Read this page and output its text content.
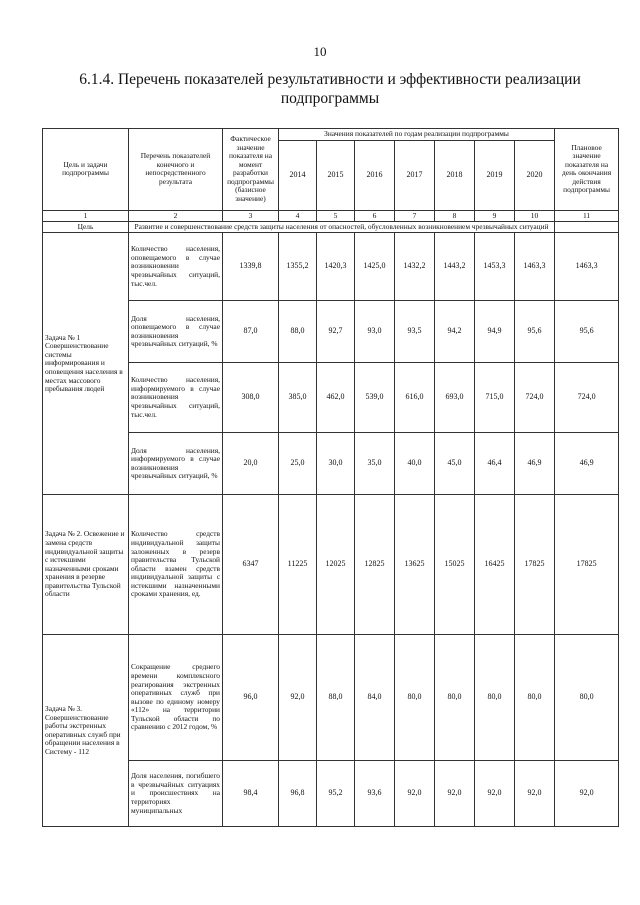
10
6.1.4. Перечень показателей результативности и эффективности реализации
подпрограммы
Цель и задачи подпрограммы	Перечень показателей конечного и непосредственного результата	Фактическое значение показателя на момент разработки подпрограммы (базисное значение)	Значения показателей по годам реализации подпрограммы							Плановое значение показателя на день окончания действия подпрограммы
			2014	2015	2016	2017	2018	2019	2020	
1	2	3	4	5	6	7	8	9	10	11
Цель	Развитие и совершенствование средств защиты населения от опасностей, обусловленных возникновением чрезвычайных ситуаций									
Задача № 1 Совершенствование системы информирования и оповещения населения в местах массового пребывания людей	Количество населения, оповещаемого в случае возникновении чрезвычайных ситуаций, тыс.чел.	1339,8	1355,2	1420,3	1425,0	1432,2	1443,2	1453,3	1463,3	1463,3
	Доля населения, оповещаемого в случае возникновения чрезвычайных ситуаций, %	87,0	88,0	92,7	93,0	93,5	94,2	94,9	95,6	95,6
	Количество населения, информируемого в случае возникновения чрезвычайных ситуаций, тыс.чел.	308,0	385,0	462,0	539,0	616,0	693,0	715,0	724,0	724,0
	Доля населения, информируемого в случае возникновения чрезвычайных ситуаций, %	20,0	25,0	30,0	35,0	40,0	45,0	46,4	46,9	46,9
Задача № 2. Освежение и замена средств индивидуальной защиты с истекшими назначенными сроками хранения в резерве правительства Тульской области	Количество средств индивидуальной защиты заложенных в резерв правительства Тульской области взамен средств индивидуальной защиты с истекшими назначенными сроками хранения, ед.	6347	11225	12025	12825	13625	15025	16425	17825	17825
Задача № 3. Совершенствование работы экстренных оперативных служб при обращении населения в Систему - 112	Сокращение среднего времени комплексного реагирования экстренных оперативных служб при вызове по единому номеру «112» на территории Тульской области по сравнению с 2012 годом, %	96,0	92,0	88,0	84,0	80,0	80,0	80,0	80,0	80,0
	Доля населения, погибшего в чрезвычайных ситуациях и происшествиях на территориях муниципальных	98,4	96,8	95,2	93,6	92,0	92,0	92,0	92,0	92,0
